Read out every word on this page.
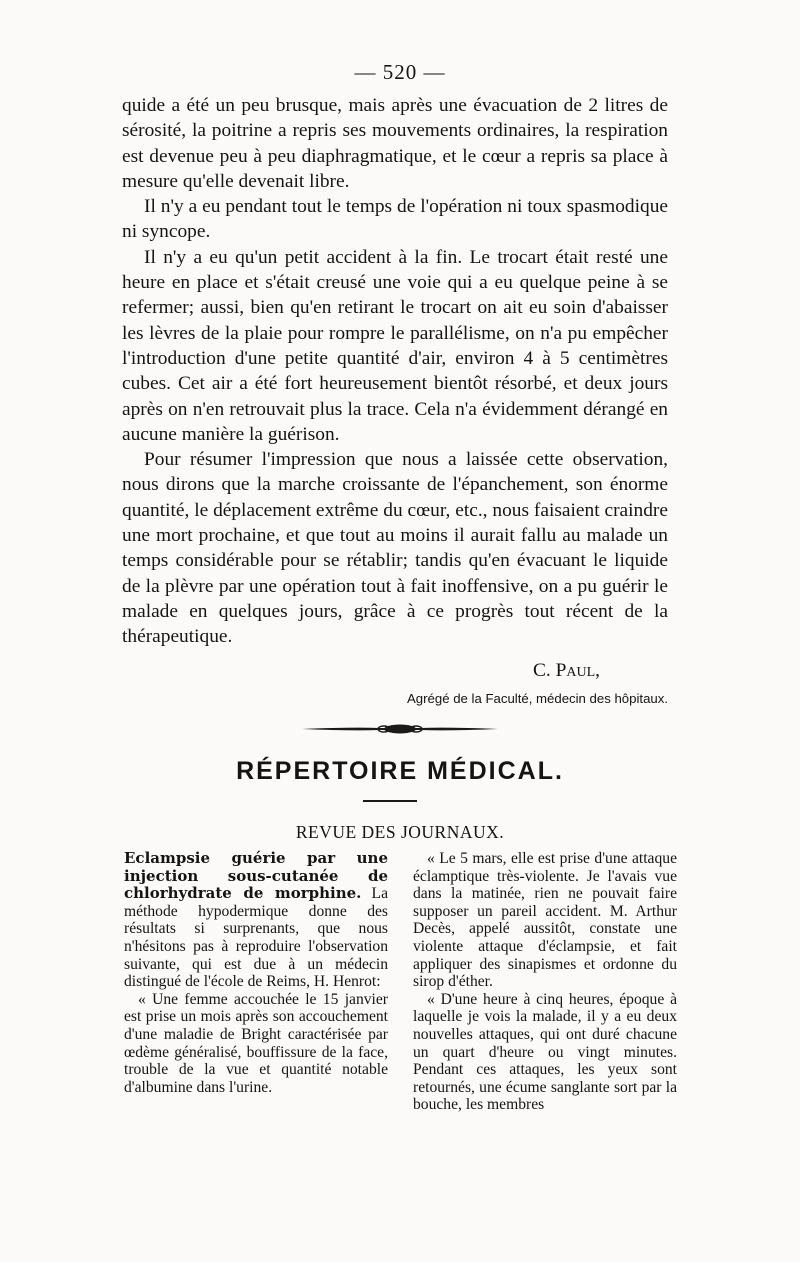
— 520 —

quide a été un peu brusque, mais après une évacuation de 2 litres de sérosité, la poitrine a repris ses mouvements ordinaires, la respiration est devenue peu à peu diaphragmatique, et le cœur a repris sa place à mesure qu'elle devenait libre.

Il n'y a eu pendant tout le temps de l'opération ni toux spasmodique ni syncope.

Il n'y a eu qu'un petit accident à la fin. Le trocart était resté une heure en place et s'était creusé une voie qui a eu quelque peine à se refermer; aussi, bien qu'en retirant le trocart on ait eu soin d'abaisser les lèvres de la plaie pour rompre le parallélisme, on n'a pu empêcher l'introduction d'une petite quantité d'air, environ 4 à 5 centimètres cubes. Cet air a été fort heureusement bientôt résorbé, et deux jours après on n'en retrouvait plus la trace. Cela n'a évidemment dérangé en aucune manière la guérison.

Pour résumer l'impression que nous a laissée cette observation, nous dirons que la marche croissante de l'épanchement, son énorme quantité, le déplacement extrême du cœur, etc., nous faisaient craindre une mort prochaine, et que tout au moins il aurait fallu au malade un temps considérable pour se rétablir; tandis qu'en évacuant le liquide de la plèvre par une opération tout à fait inoffensive, on a pu guérir le malade en quelques jours, grâce à ce progrès tout récent de la thérapeutique.

C. Paul,
Agrégé de la Faculté, médecin des hôpitaux.
RÉPERTOIRE MÉDICAL.
REVUE DES JOURNAUX.

Eclampsie guérie par une injection sous-cutanée de chlorhydrate de morphine. La méthode hypodermique donne des résultats si surprenants, que nous n'hésitons pas à reproduire l'observation suivante, qui est due à un médecin distingué de l'école de Reims, H. Henrot:

« Une femme accouchée le 15 janvier est prise un mois après son accouchement d'une maladie de Bright caractérisée par œdème généralisé, bouffissure de la face, trouble de la vue et quantité notable d'albumine dans l'urine.

« Le 5 mars, elle est prise d'une attaque éclamptique très-violente. Je l'avais vue dans la matinée, rien ne pouvait faire supposer un pareil accident. M. Arthur Decès, appelé aussitôt, constate une violente attaque d'éclampsie, et fait appliquer des sinapismes et ordonne du sirop d'éther.

« D'une heure à cinq heures, époque à laquelle je vois la malade, il y a eu deux nouvelles attaques, qui ont duré chacune un quart d'heure ou vingt minutes. Pendant ces attaques, les yeux sont retournés, une écume sanglante sort par la bouche, les membres
